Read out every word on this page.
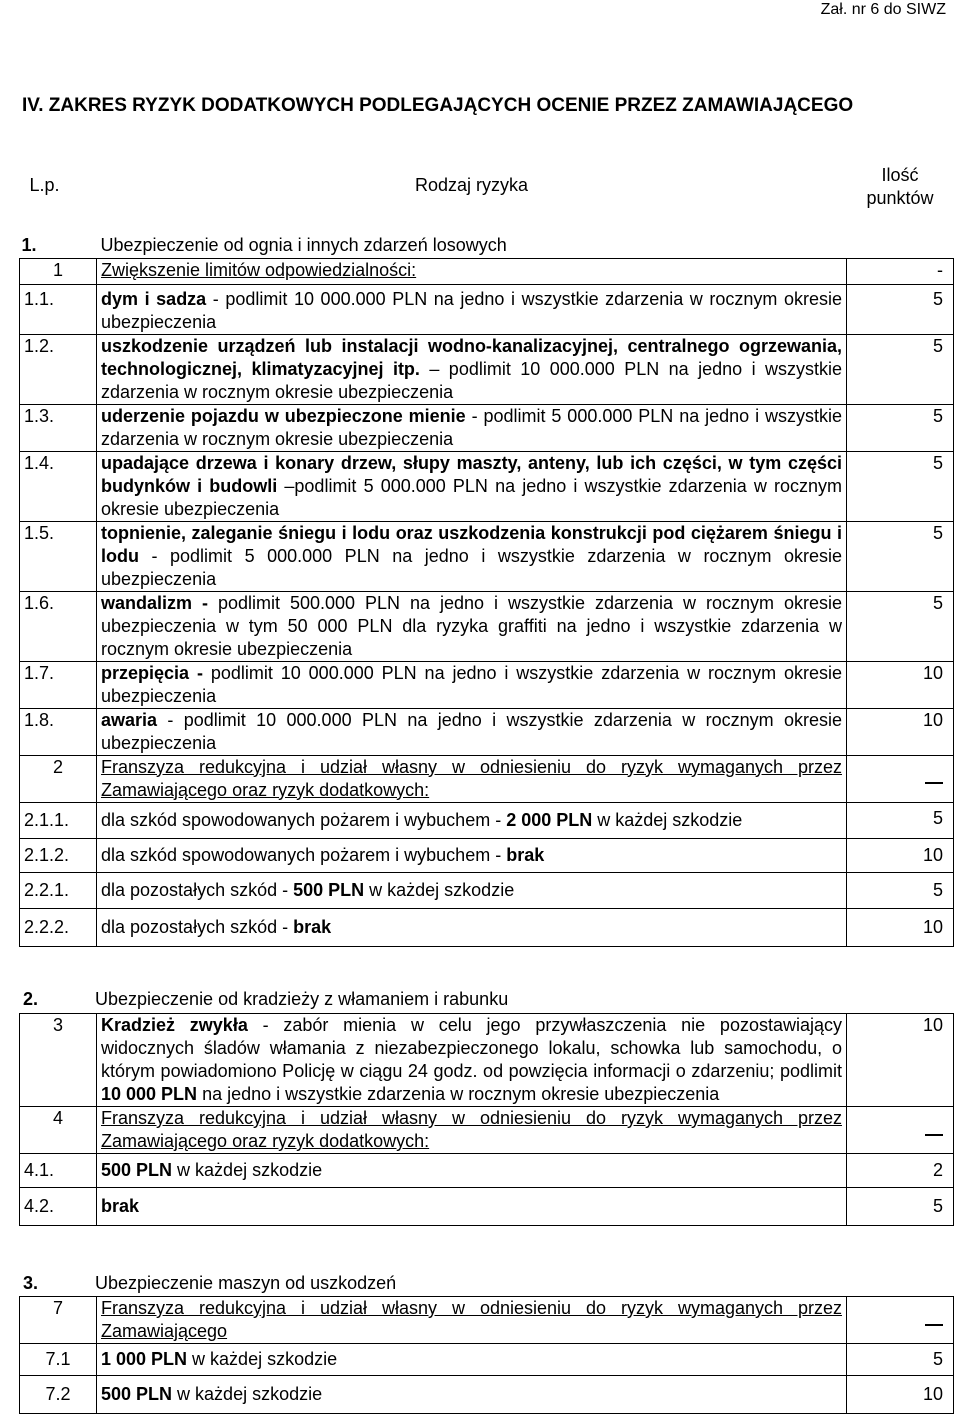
Zał. nr 6 do SIWZ
IV. ZAKRES RYZYK DODATKOWYCH PODLEGAJĄCYCH OCENIE PRZEZ ZAMAWIAJĄCEGO
L.p.	Rodzaj ryzyka	Ilość
punktów
1.	Ubezpieczenie od ognia i innych zdarzeń losowych	
1	Zwiększenie limitów odpowiedzialności:	-
1.1.	dym i sadza - podlimit 10 000.000 PLN na jedno i wszystkie zdarzenia w rocznym okresie ubezpieczenia	5
1.2.	uszkodzenie urządzeń lub instalacji wodno-kanalizacyjnej, centralnego ogrzewania, technologicznej, klimatyzacyjnej itp. – podlimit 10 000.000 PLN na jedno i wszystkie zdarzenia w rocznym okresie ubezpieczenia	5
1.3.	uderzenie pojazdu w ubezpieczone mienie - podlimit 5 000.000 PLN na jedno i wszystkie zdarzenia w rocznym okresie ubezpieczenia	5
1.4.	upadające drzewa i konary drzew, słupy maszty, anteny, lub ich części, w tym części budynków i budowli –podlimit 5 000.000 PLN na jedno i wszystkie zdarzenia w rocznym okresie ubezpieczenia	5
1.5.	topnienie, zaleganie śniegu i lodu oraz uszkodzenia konstrukcji pod ciężarem śniegu i lodu - podlimit 5 000.000 PLN na jedno i wszystkie zdarzenia w rocznym okresie ubezpieczenia	5
1.6.	wandalizm - podlimit 500.000 PLN na jedno i wszystkie zdarzenia w rocznym okresie ubezpieczenia w tym 50 000 PLN dla ryzyka graffiti na jedno i wszystkie zdarzenia w rocznym okresie ubezpieczenia	5
1.7.	przepięcia - podlimit 10 000.000 PLN na jedno i wszystkie zdarzenia w rocznym okresie ubezpieczenia	10
1.8.	awaria - podlimit 10 000.000 PLN na jedno i wszystkie zdarzenia w rocznym okresie ubezpieczenia	10
2	Franszyza redukcyjna i udział własny w odniesieniu do ryzyk wymaganych przez Zamawiającego oraz ryzyk dodatkowych:	
2.1.1.	dla szkód spowodowanych pożarem i wybuchem - 2 000 PLN w każdej szkodzie	5
2.1.2.	dla szkód spowodowanych pożarem i wybuchem - brak	10
2.2.1.	dla pozostałych szkód - 500 PLN w każdej szkodzie	5
2.2.2.	dla pozostałych szkód - brak	10
2.	Ubezpieczenie od kradzieży z włamaniem i rabunku
3	Kradzież zwykła - zabór mienia w celu jego przywłaszczenia nie pozostawiający widocznych śladów włamania z niezabezpieczonego lokalu, schowka lub samochodu, o którym powiadomiono Policję w ciągu 24 godz. od powzięcia informacji o zdarzeniu; podlimit 10 000 PLN na jedno i wszystkie zdarzenia w rocznym okresie ubezpieczenia	10
4	Franszyza redukcyjna i udział własny w odniesieniu do ryzyk wymaganych przez Zamawiającego oraz ryzyk dodatkowych:	
4.1.	500 PLN w każdej szkodzie	2
4.2.	brak	5
3.	Ubezpieczenie maszyn od uszkodzeń
7	Franszyza redukcyjna i udział własny w odniesieniu do ryzyk wymaganych przez Zamawiającego	
7.1	1 000 PLN w każdej szkodzie	5
7.2	500 PLN w każdej szkodzie	10
